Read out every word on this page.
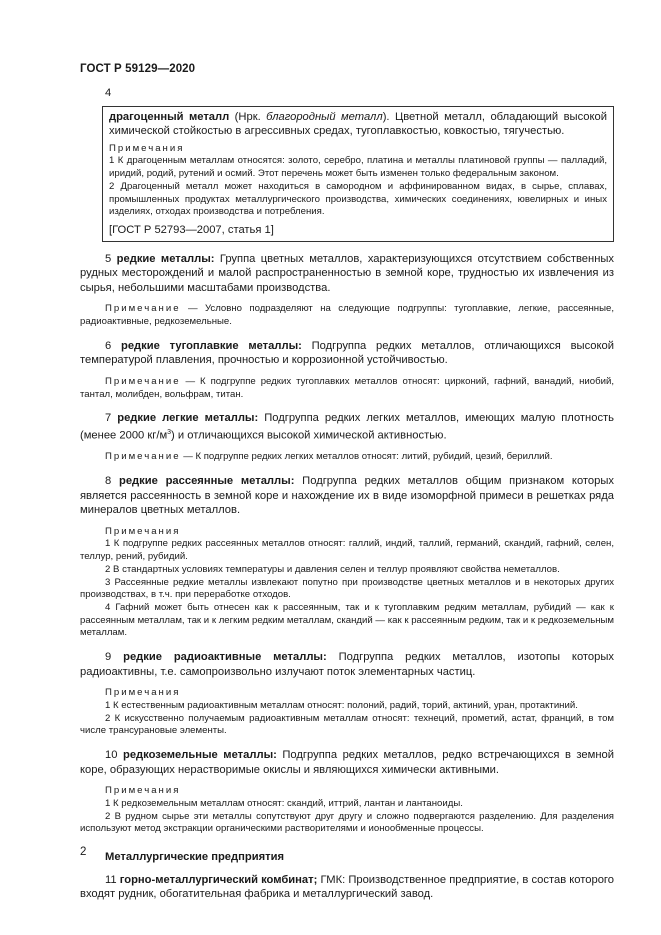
ГОСТ Р 59129—2020
4

драгоценный металл (Нрк. благородный металл). Цветной металл, обладающий высокой химической стойкостью в агрессивных средах, тугоплавкостью, ковкостью, тягучестью.

Примечания

1 К драгоценным металлам относятся: золото, серебро, платина и металлы платиновой группы — палладий, иридий, родий, рутений и осмий. Этот перечень может быть изменен только федеральным законом.

2 Драгоценный металл может находиться в самородном и аффинированном видах, в сырье, сплавах, промышленных продуктах металлургического производства, химических соединениях, ювелирных и иных изделиях, отходах производства и потребления.

[ГОСТ Р 52793—2007, статья 1]

5 редкие металлы: Группа цветных металлов, характеризующихся отсутствием собственных рудных месторождений и малой распространенностью в земной коре, трудностью их извлечения из сырья, небольшими масштабами производства.

Примечание — Условно подразделяют на следующие подгруппы: тугоплавкие, легкие, рассеянные, радиоактивные, редкоземельные.

6 редкие тугоплавкие металлы: Подгруппа редких металлов, отличающихся высокой температурой плавления, прочностью и коррозионной устойчивостью.

Примечание — К подгруппе редких тугоплавких металлов относят: цирконий, гафний, ванадий, ниобий, тантал, молибден, вольфрам, титан.

7 редкие легкие металлы: Подгруппа редких легких металлов, имеющих малую плотность (менее 2000 $кг/м^3$) и отличающихся высокой химической активностью.

Примечание — К подгруппе редких легких металлов относят: литий, рубидий, цезий, бериллий.

8 редкие рассеянные металлы: Подгруппа редких металлов общим признаком которых является рассеянность в земной коре и нахождение их в виде изоморфной примеси в решетках ряда минералов цветных металлов.

Примечания

1 К подгруппе редких рассеянных металлов относят: галлий, индий, таллий, германий, скандий, гафний, селен, теллур, рений, рубидий.

2 В стандартных условиях температуры и давления селен и теллур проявляют свойства неметаллов.

3 Рассеянные редкие металлы извлекают попутно при производстве цветных металлов и в некоторых других производствах, в т.ч. при переработке отходов.

4 Гафний может быть отнесен как к рассеянным, так и к тугоплавким редким металлам, рубидий — как к рассеянным металлам, так и к легким редким металлам, скандий — как к рассеянным редким, так и к редкоземельным металлам.

9 редкие радиоактивные металлы: Подгруппа редких металлов, изотопы которых радиоактивны, т.е. самопроизвольно излучают поток элементарных частиц.

Примечания

1 К естественным радиоактивным металлам относят: полоний, радий, торий, актиний, уран, протактиний.

2 К искусственно получаемым радиоактивным металлам относят: технеций, прометий, астат, франций, в том числе трансурановые элементы.

10 редкоземельные металлы: Подгруппа редких металлов, редко встречающихся в земной коре, образующих нерастворимые окислы и являющихся химически активными.

Примечания

1 К редкоземельным металлам относят: скандий, иттрий, лантан и лантаноиды.

2 В рудном сырье эти металлы сопутствуют друг другу и сложно подвергаются разделению. Для разделения используют метод экстракции органическими растворителями и ионообменные процессы.

Металлургические предприятия

11 горно-металлургический комбинат; ГМК: Производственное предприятие, в состав которого входят рудник, обогатительная фабрика и металлургический завод.

2
